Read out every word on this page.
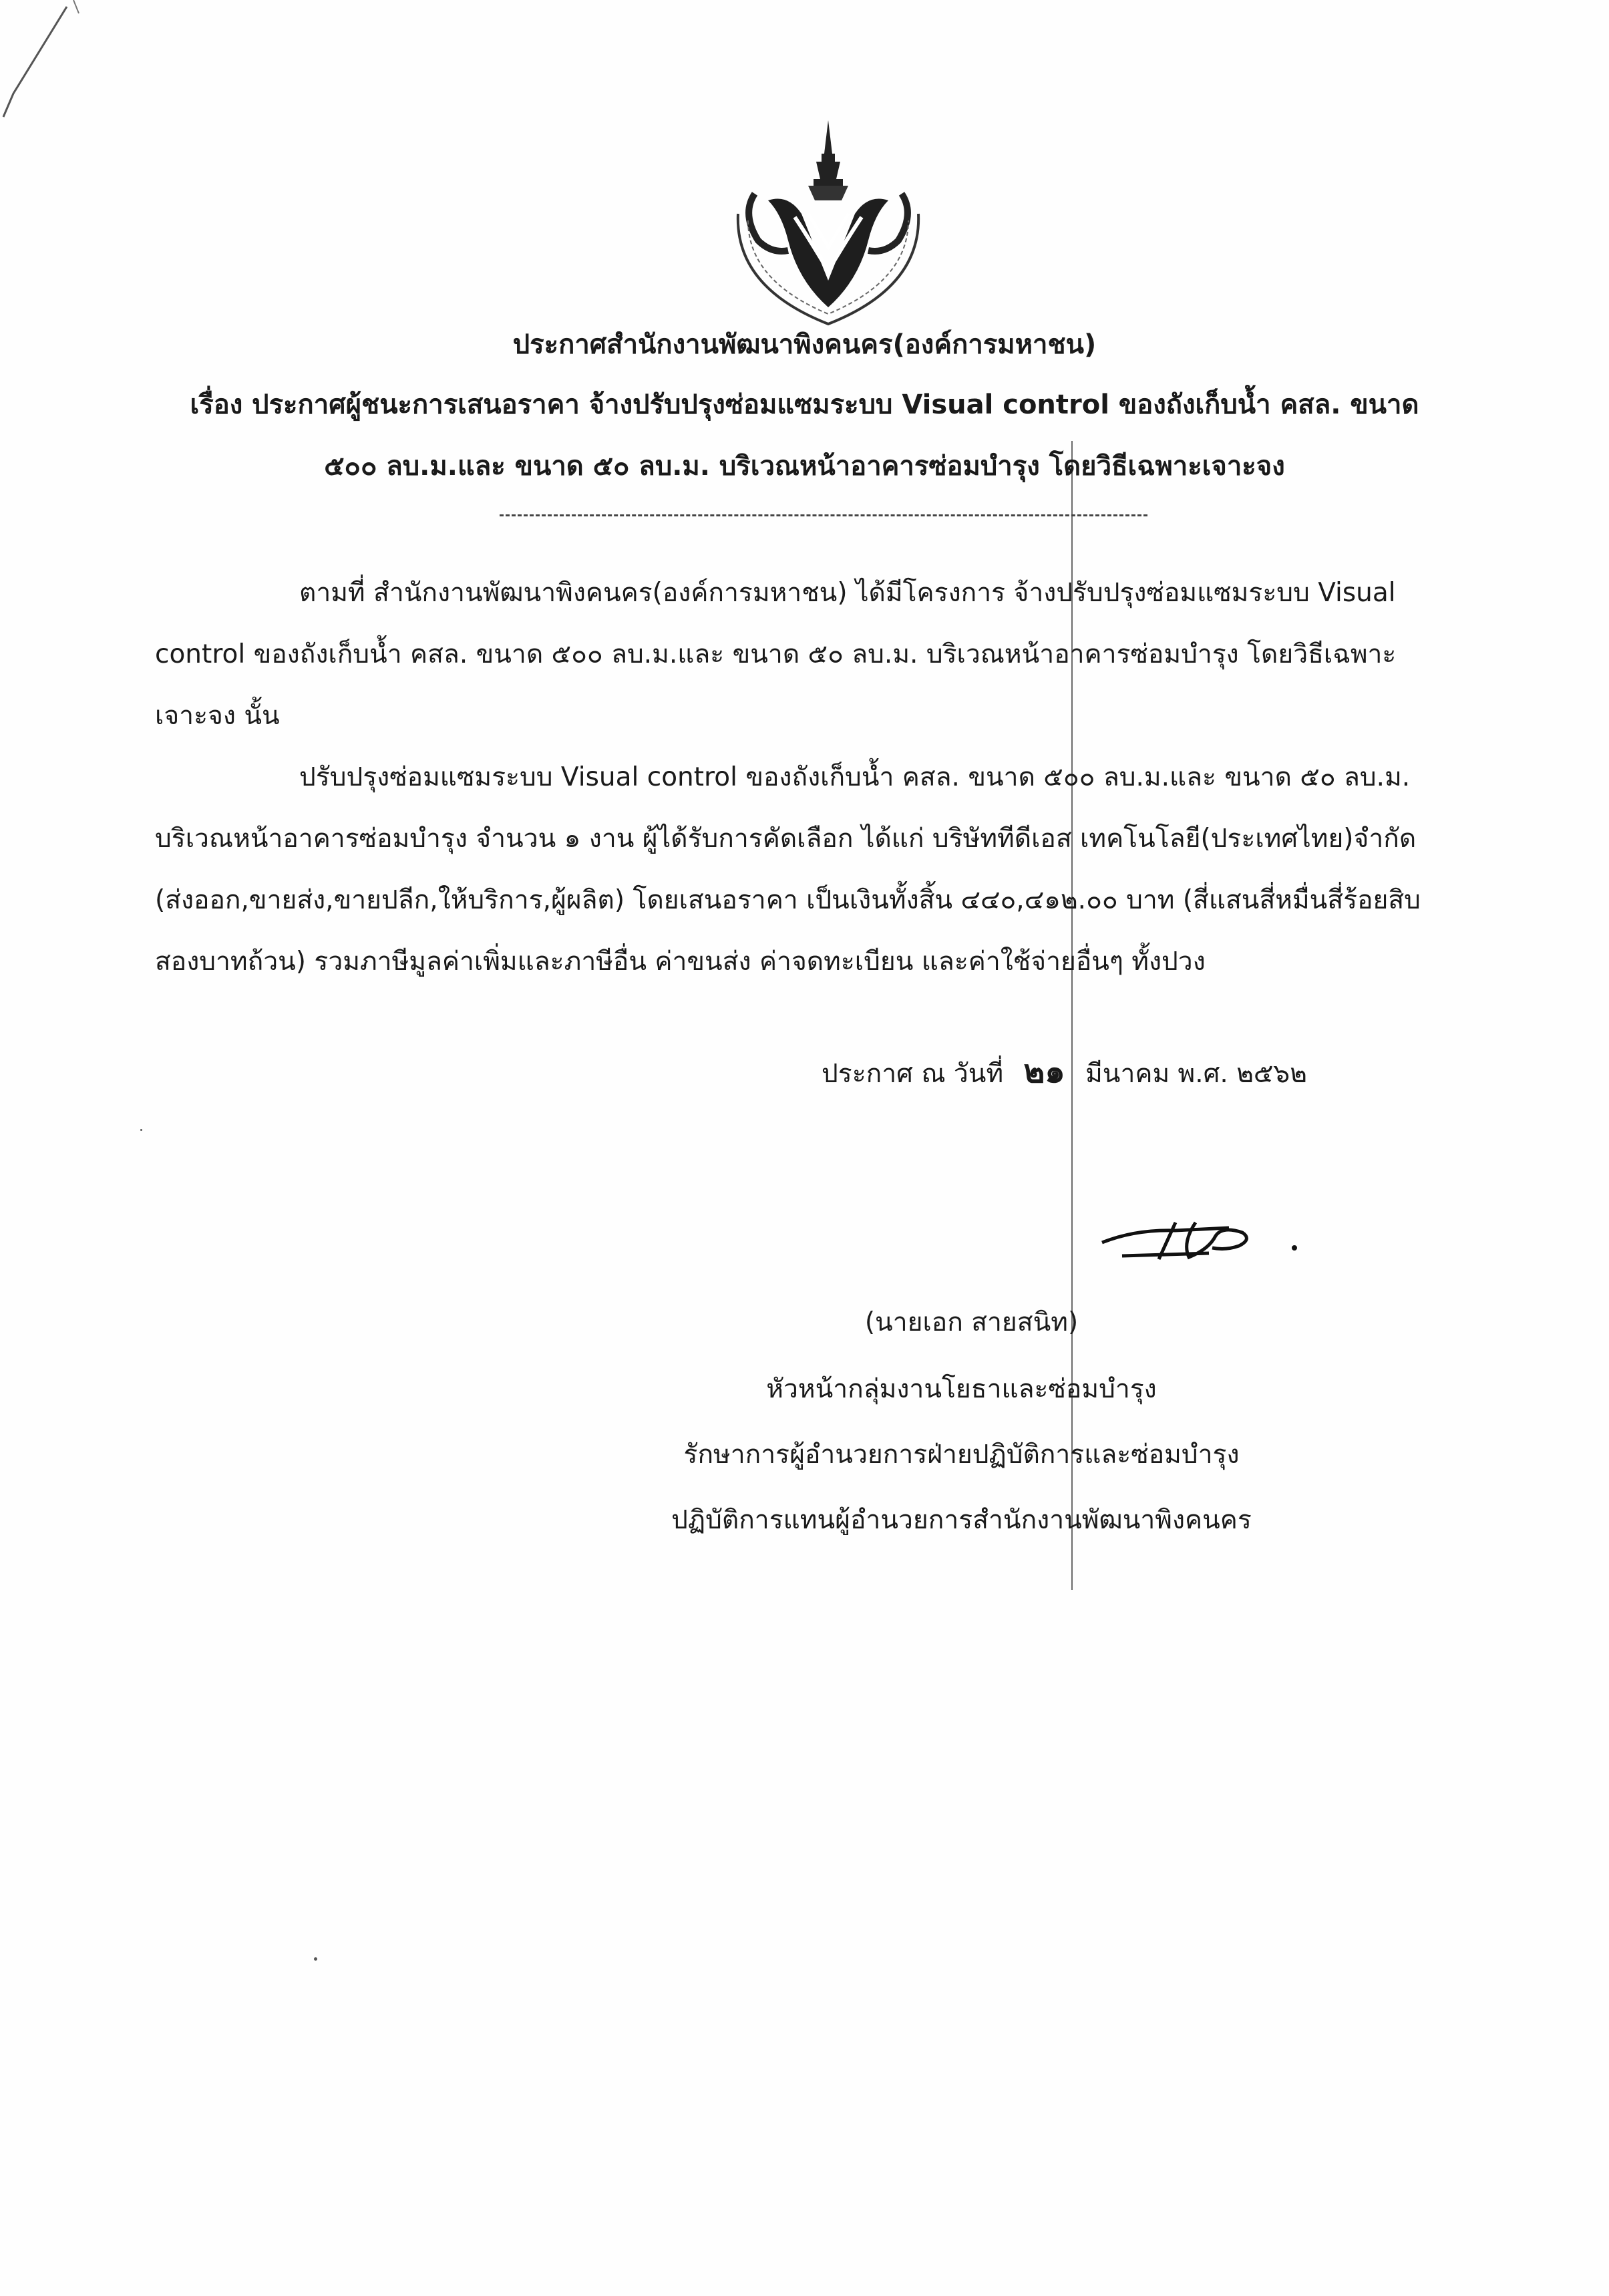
ประกาศสำนักงานพัฒนาพิงคนคร(องค์การมหาชน)
เรื่อง ประกาศผู้ชนะการเสนอราคา จ้างปรับปรุงซ่อมแซมระบบ Visual control ของถังเก็บน้ำ คสล. ขนาด
๕๐๐ ลบ.ม.และ ขนาด ๕๐ ลบ.ม. บริเวณหน้าอาคารซ่อมบำรุง โดยวิธีเฉพาะเจาะจง
ตามที่ สำนักงานพัฒนาพิงคนคร(องค์การมหาชน) ได้มีโครงการ จ้างปรับปรุงซ่อมแซมระบบ Visual
control ของถังเก็บน้ำ คสล. ขนาด ๕๐๐ ลบ.ม.และ ขนาด ๕๐ ลบ.ม. บริเวณหน้าอาคารซ่อมบำรุง โดยวิธีเฉพาะ
เจาะจง นั้น
ปรับปรุงซ่อมแซมระบบ Visual control ของถังเก็บน้ำ คสล. ขนาด ๕๐๐ ลบ.ม.และ ขนาด ๕๐ ลบ.ม.
บริเวณหน้าอาคารซ่อมบำรุง จำนวน ๑ งาน ผู้ได้รับการคัดเลือก ได้แก่ บริษัททีดีเอส เทคโนโลยี(ประเทศไทย)จำกัด
(ส่งออก,ขายส่ง,ขายปลีก,ให้บริการ,ผู้ผลิต) โดยเสนอราคา เป็นเงินทั้งสิ้น ๔๔๐,๔๑๒.๐๐ บาท (สี่แสนสี่หมื่นสี่ร้อยสิบ
สองบาทถ้วน) รวมภาษีมูลค่าเพิ่มและภาษีอื่น ค่าขนส่ง ค่าจดทะเบียน และค่าใช้จ่ายอื่นๆ ทั้งปวง
ประกาศ ณ วันที่ ๒๑ มีนาคม พ.ศ. ๒๕๖๒
(นายเอก สายสนิท)
หัวหน้ากลุ่มงานโยธาและซ่อมบำรุง
รักษาการผู้อำนวยการฝ่ายปฏิบัติการและซ่อมบำรุง
ปฏิบัติการแทนผู้อำนวยการสำนักงานพัฒนาพิงคนคร
